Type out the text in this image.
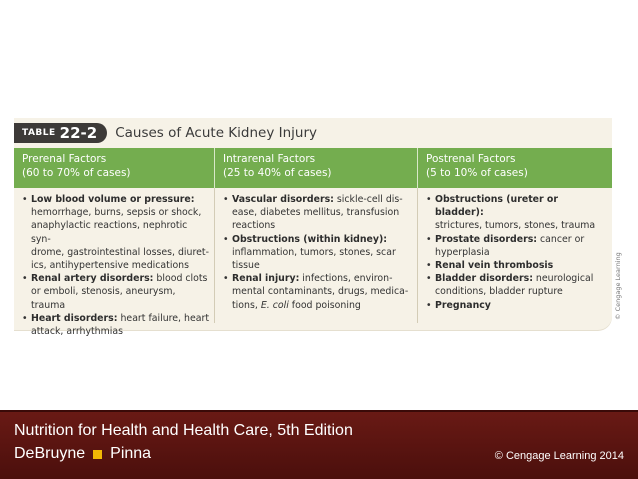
TABLE 22-2 Causes of Acute Kidney Injury
Prerenal Factors
(60 to 70% of cases)
Intrarenal Factors
(25 to 40% of cases)
Postrenal Factors
(5 to 10% of cases)
• Low blood volume or pressure:
hemorrhage, burns, sepsis or shock,
anaphylactic reactions, nephrotic syn-
drome, gastrointestinal losses, diuret-
ics, antihypertensive medications
• Renal artery disorders: blood clots
or emboli, stenosis, aneurysm,
trauma
• Heart disorders: heart failure, heart
attack, arrhythmias
• Vascular disorders: sickle-cell dis-
ease, diabetes mellitus, transfusion
reactions
• Obstructions (within kidney):
inflammation, tumors, stones, scar
tissue
• Renal injury: infections, environ-
mental contaminants, drugs, medica-
tions, E. coli food poisoning
• Obstructions (ureter or bladder):
strictures, tumors, stones, trauma
• Prostate disorders: cancer or
hyperplasia
• Renal vein thrombosis
• Bladder disorders: neurological
conditions, bladder rupture
• Pregnancy	© Cengage Learning
Nutrition for Health and Health Care, 5th Edition
DeBruyne Pinna	© Cengage Learning 2014
